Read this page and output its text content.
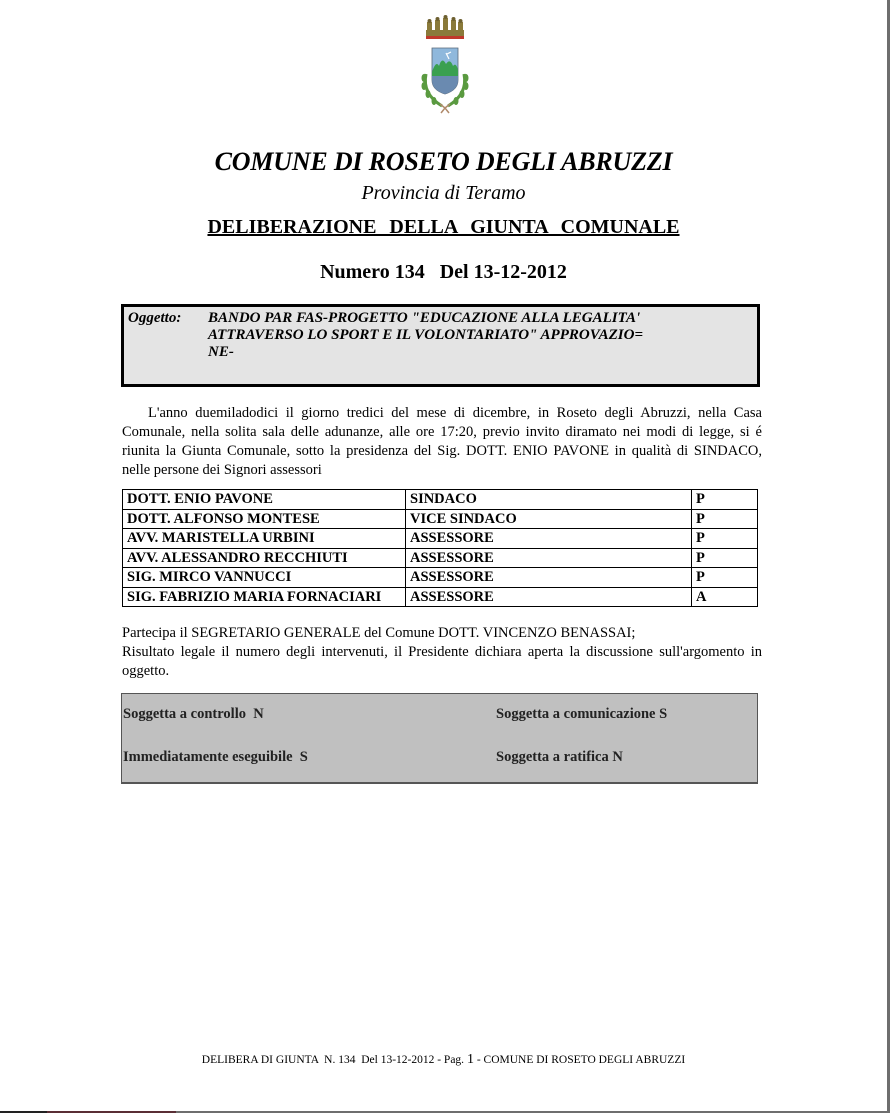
COMUNE DI ROSETO DEGLI ABRUZZI
Provincia di Teramo
DELIBERAZIONE DELLA GIUNTA COMUNALE
Numero 134   Del 13-12-2012
Oggetto: BANDO PAR FAS-PROGETTO "EDUCAZIONE ALLA LEGALITA'
ATTRAVERSO LO SPORT E IL VOLONTARIATO" APPROVAZIO=
NE-
L'anno duemiladodici il giorno tredici del mese di dicembre, in Roseto degli Abruzzi, nella Casa Comunale, nella solita sala delle adunanze, alle ore 17:20, previo invito diramato nei modi di legge, si é riunita la Giunta Comunale, sotto la presidenza del Sig. DOTT. ENIO PAVONE in qualità di SINDACO, nelle persone dei Signori assessori
DOTT. ENIO PAVONE	SINDACO	P
DOTT. ALFONSO MONTESE	VICE SINDACO	P
AVV. MARISTELLA URBINI	ASSESSORE	P
AVV. ALESSANDRO RECCHIUTI	ASSESSORE	P
SIG. MIRCO VANNUCCI	ASSESSORE	P
SIG. FABRIZIO MARIA FORNACIARI	ASSESSORE	A
Partecipa il SEGRETARIO GENERALE del Comune DOTT. VINCENZO BENASSAI;
Risultato legale il numero degli intervenuti, il Presidente dichiara aperta la discussione sull'argomento in oggetto.
Soggetta a controllo  N	Soggetta a comunicazione S
Immediatamente eseguibile  S	Soggetta a ratifica N
DELIBERA DI GIUNTA  N. 134  Del 13-12-2012 - Pag. 1 - COMUNE DI ROSETO DEGLI ABRUZZI
